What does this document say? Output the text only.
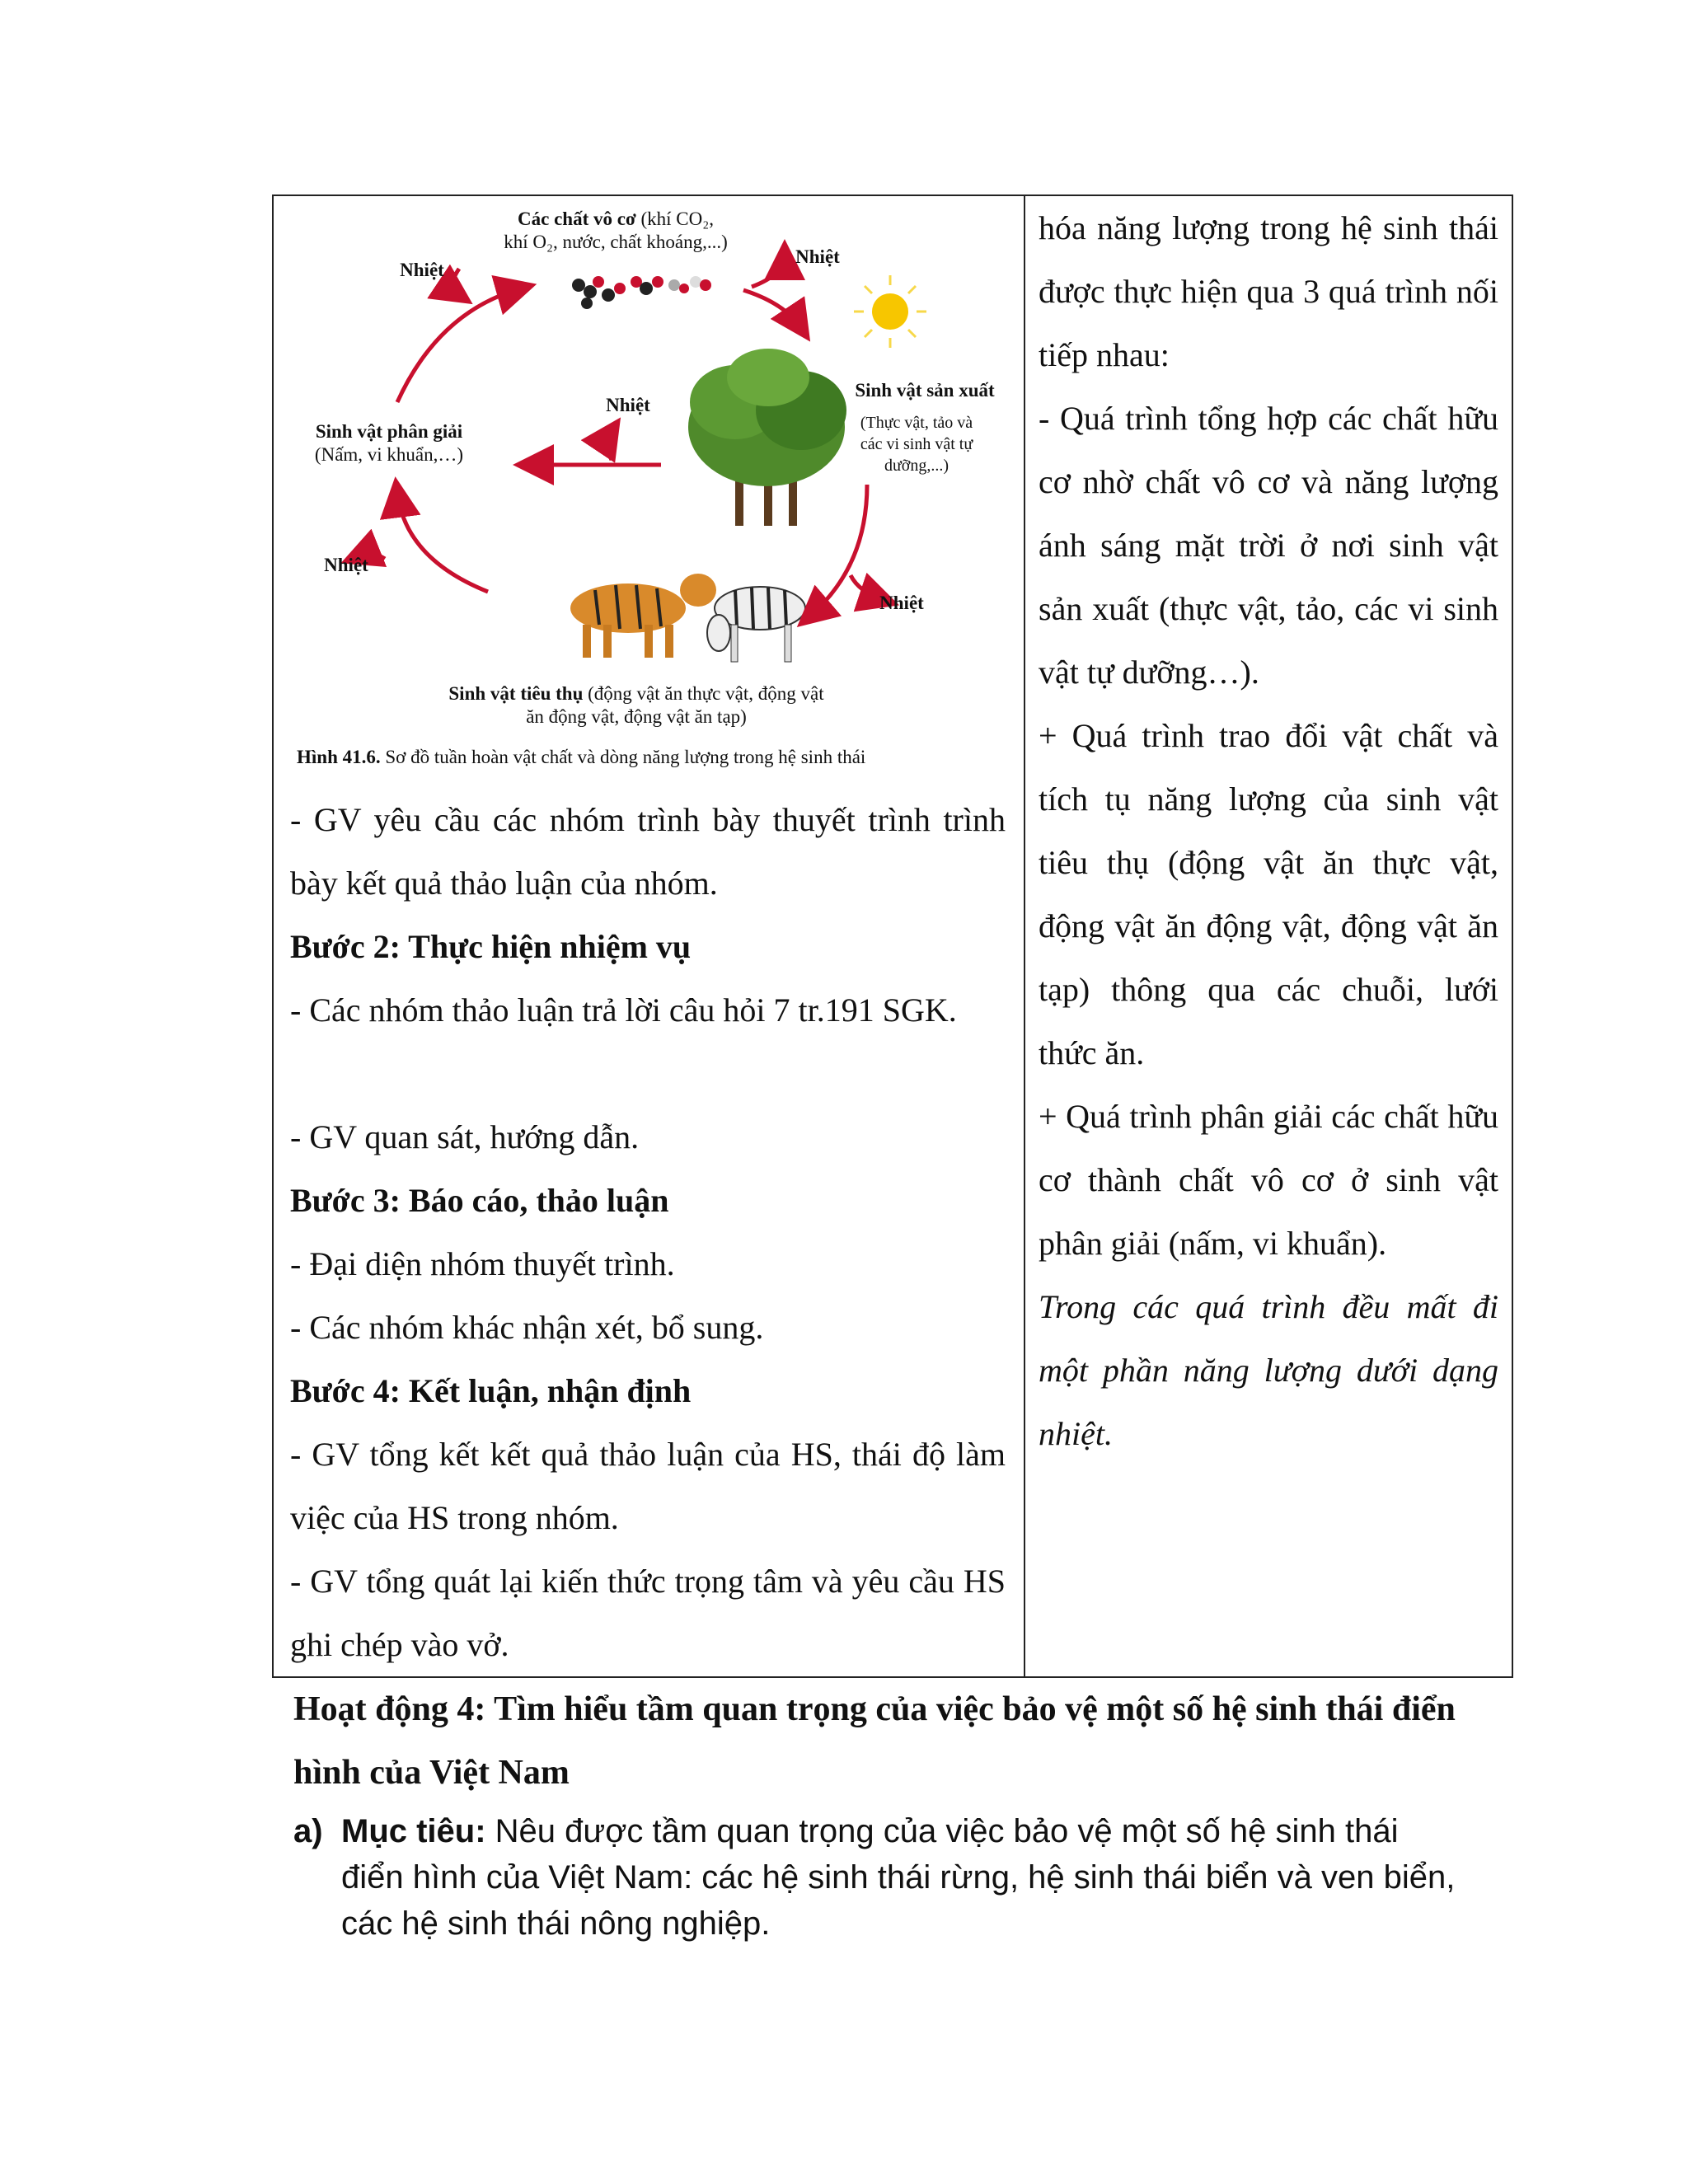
Các chất vô cơ (khí CO₂,
khí O₂, nước, chất khoáng,...)
Nhiệt
Nhiệt
Nhiệt
Nhiệt
Nhiệt
Sinh vật sản xuất
(Thực vật, tảo và các vi sinh vật tự dưỡng,...)
Sinh vật phân giải
(Nấm, vi khuẩn,…)
Sinh vật tiêu thụ (động vật ăn thực vật, động vật
ăn động vật, động vật ăn tạp)
Hình 41.6. Sơ đồ tuần hoàn vật chất và dòng năng lượng trong hệ sinh thái
- GV yêu cầu các nhóm trình bày thuyết trình trình bày kết quả thảo luận của nhóm.
Bước 2: Thực hiện nhiệm vụ
- Các nhóm thảo luận trả lời câu hỏi 7 tr.191 SGK.
- GV quan sát, hướng dẫn.
Bước 3: Báo cáo, thảo luận
- Đại diện nhóm thuyết trình.
- Các nhóm khác nhận xét, bổ sung.
Bước 4: Kết luận, nhận định
- GV tổng kết kết quả thảo luận của HS, thái độ làm việc của HS trong nhóm.
- GV tổng quát lại kiến thức trọng tâm và yêu cầu HS ghi chép vào vở.
hóa năng lượng trong hệ sinh thái được thực hiện qua 3 quá trình nối tiếp nhau:
- Quá trình tổng hợp các chất hữu cơ nhờ chất vô cơ và năng lượng ánh sáng mặt trời ở nơi sinh vật sản xuất (thực vật, tảo, các vi sinh vật tự dưỡng…).
+ Quá trình trao đổi vật chất và tích tụ năng lượng của sinh vật tiêu thụ (động vật ăn thực vật, động vật ăn động vật, động vật ăn tạp) thông qua các chuỗi, lưới thức ăn.
+ Quá trình phân giải các chất hữu cơ thành chất vô cơ ở sinh vật phân giải (nấm, vi khuẩn).
Trong các quá trình đều mất đi một phần năng lượng dưới dạng nhiệt.
Hoạt động 4: Tìm hiểu tầm quan trọng của việc bảo vệ một số hệ sinh thái điển hình của Việt Nam
a) Mục tiêu: Nêu được tầm quan trọng của việc bảo vệ một số hệ sinh thái điển hình của Việt Nam: các hệ sinh thái rừng, hệ sinh thái biển và ven biển, các hệ sinh thái nông nghiệp.
